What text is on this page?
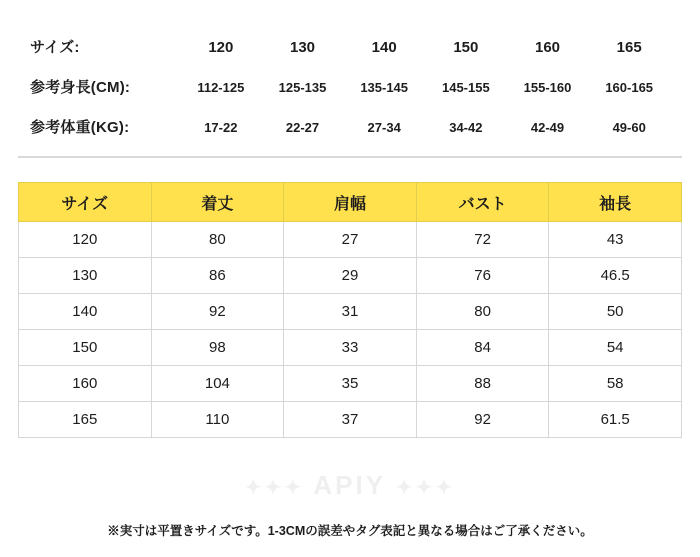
サイズ:	120	130	140	150	160	165
参考身長(CM):	112-125	125-135	135-145	145-155	155-160	160-165
参考体重(KG):	17-22	22-27	27-34	34-42	42-49	49-60
サイズ	着丈	肩幅	バスト	袖長
120	80	27	72	43
130	86	29	76	46.5
140	92	31	80	50
150	98	33	84	54
160	104	35	88	58
165	110	37	92	61.5
✦✦✦ APIY ✦✦✦
※実寸は平置きサイズです。1-3CMの誤差やタグ表記と異なる場合はご了承ください。
